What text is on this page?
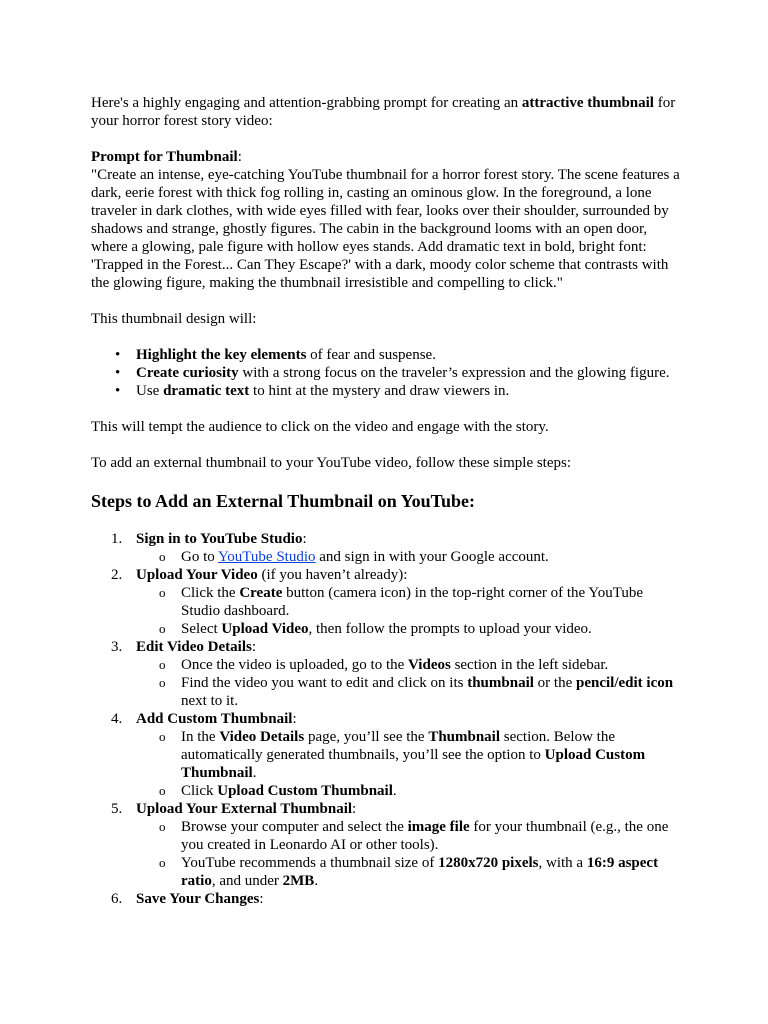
Here's a highly engaging and attention-grabbing prompt for creating an attractive thumbnail for your horror forest story video:

Prompt for Thumbnail:

"Create an intense, eye-catching YouTube thumbnail for a horror forest story. The scene features a dark, eerie forest with thick fog rolling in, casting an ominous glow. In the foreground, a lone traveler in dark clothes, with wide eyes filled with fear, looks over their shoulder, surrounded by shadows and strange, ghostly figures. The cabin in the background looms with an open door, where a glowing, pale figure with hollow eyes stands. Add dramatic text in bold, bright font: 'Trapped in the Forest... Can They Escape?' with a dark, moody color scheme that contrasts with the glowing figure, making the thumbnail irresistible and compelling to click."

This thumbnail design will:

• Highlight the key elements of fear and suspense.
• Create curiosity with a strong focus on the traveler’s expression and the glowing figure.
• Use dramatic text to hint at the mystery and draw viewers in.

This will tempt the audience to click on the video and engage with the story.

To add an external thumbnail to your YouTube video, follow these simple steps:

Steps to Add an External Thumbnail on YouTube:
1. Sign in to YouTube Studio:
o Go to YouTube Studio and sign in with your Google account.
2. Upload Your Video (if you haven’t already):
o Click the Create button (camera icon) in the top-right corner of the YouTube Studio dashboard.
o Select Upload Video, then follow the prompts to upload your video.
3. Edit Video Details:
o Once the video is uploaded, go to the Videos section in the left sidebar.
o Find the video you want to edit and click on its thumbnail or the pencil/edit icon next to it.
4. Add Custom Thumbnail:
o In the Video Details page, you’ll see the Thumbnail section. Below the automatically generated thumbnails, you’ll see the option to Upload Custom Thumbnail.
o Click Upload Custom Thumbnail.
5. Upload Your External Thumbnail:
o Browse your computer and select the image file for your thumbnail (e.g., the one you created in Leonardo AI or other tools).
o YouTube recommends a thumbnail size of 1280x720 pixels, with a 16:9 aspect ratio, and under 2MB.
6. Save Your Changes:
